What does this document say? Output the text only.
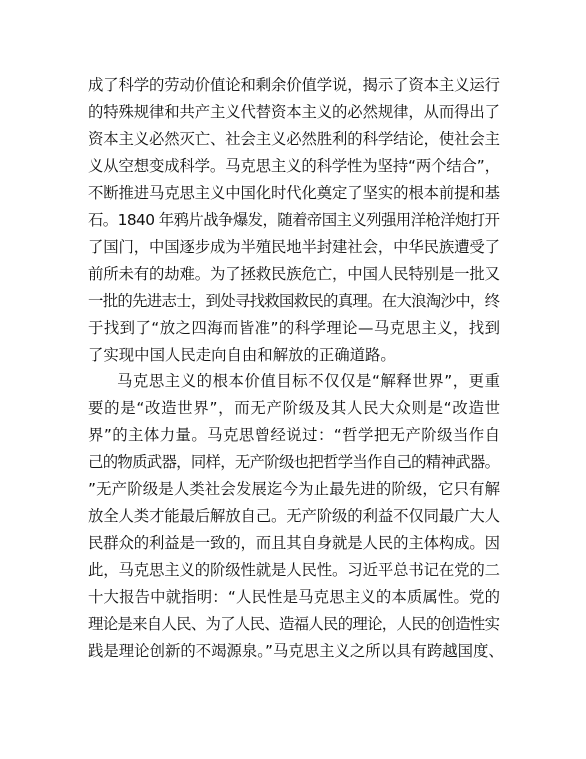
成了科学的劳动价值论和剩余价值学说，揭示了资本主义运行
的特殊规律和共产主义代替资本主义的必然规律，从而得出了
资本主义必然灭亡、社会主义必然胜利的科学结论，使社会主
义从空想变成科学。马克思主义的科学性为坚持“两个结合”，
不断推进马克思主义中国化时代化奠定了坚实的根本前提和基
石。1840 年鸦片战争爆发，随着帝国主义列强用洋枪洋炮打开
了国门，中国逐步成为半殖民地半封建社会，中华民族遭受了
前所未有的劫难。为了拯救民族危亡，中国人民特别是一批又
一批的先进志士，到处寻找救国救民的真理。在大浪淘沙中，终
于找到了“放之四海而皆准”的科学理论—马克思主义，找到
了实现中国人民走向自由和解放的正确道路。
马克思主义的根本价值目标不仅仅是“解释世界”，更重
要的是“改造世界”，而无产阶级及其人民大众则是“改造世
界”的主体力量。马克思曾经说过：“哲学把无产阶级当作自
己的物质武器，同样，无产阶级也把哲学当作自己的精神武器。
”无产阶级是人类社会发展迄今为止最先进的阶级，它只有解
放全人类才能最后解放自己。无产阶级的利益不仅同最广大人
民群众的利益是一致的，而且其自身就是人民的主体构成。因
此，马克思主义的阶级性就是人民性。习近平总书记在党的二
十大报告中就指明：“人民性是马克思主义的本质属性。党的
理论是来自人民、为了人民、造福人民的理论，人民的创造性实
践是理论创新的不竭源泉。”马克思主义之所以具有跨越国度、
